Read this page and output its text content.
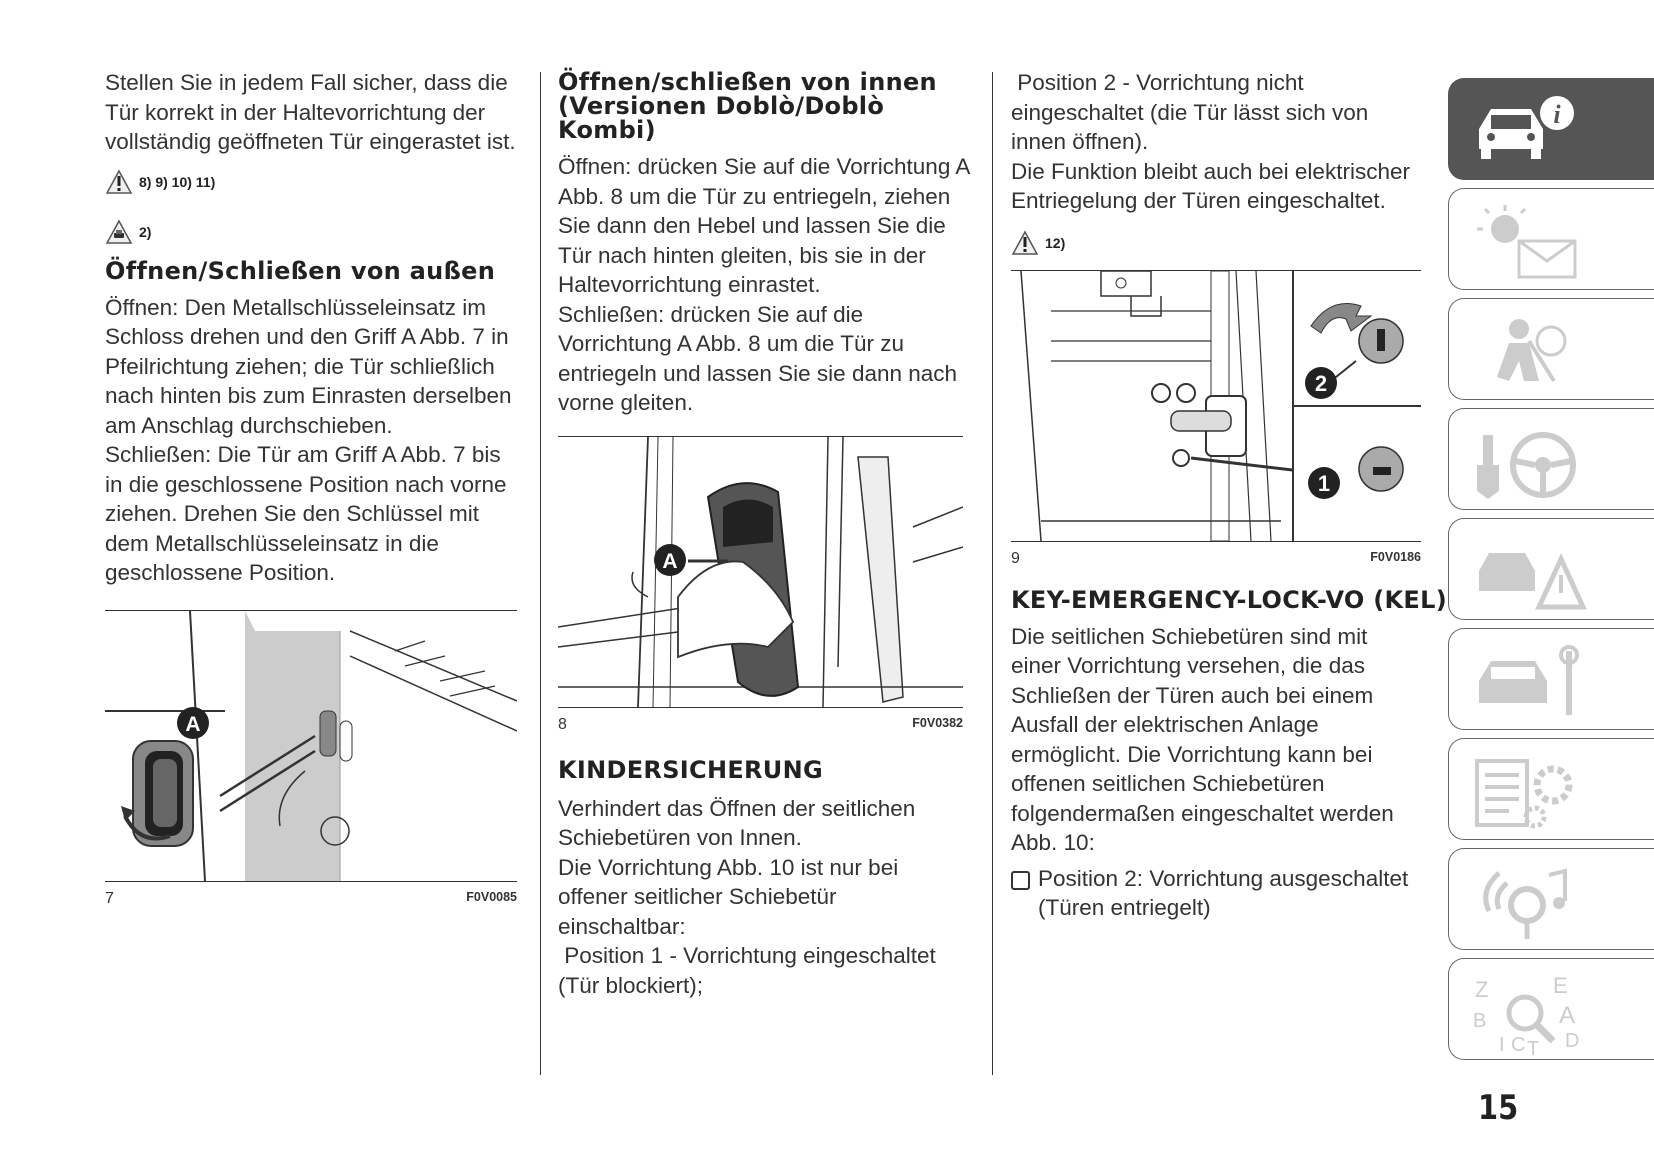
Stellen Sie in jedem Fall sicher, dass die Tür korrekt in der Haltevorrichtung der vollständig geöffneten Tür eingerastet ist.

8) 9) 10) 11)
2)
Öffnen/Schließen von außen

Öffnen: Den Metallschlüsseleinsatz im Schloss drehen und den Griff A Abb. 7 in Pfeilrichtung ziehen; die Tür schließlich nach hinten bis zum Einrasten derselben am Anschlag durchschieben.

Schließen: Die Tür am Griff A Abb. 7 bis in die geschlossene Position nach vorne ziehen. Drehen Sie den Schlüssel mit dem Metallschlüsseleinsatz in die geschlossene Position.

A
7	F0V0085
Öffnen/schließen von innen (Versionen Doblò/Doblò Kombi)

Öffnen: drücken Sie auf die Vorrichtung A Abb. 8 um die Tür zu entriegeln, ziehen Sie dann den Hebel und lassen Sie die Tür nach hinten gleiten, bis sie in der Haltevorrichtung einrastet.

Schließen: drücken Sie auf die Vorrichtung A Abb. 8 um die Tür zu entriegeln und lassen Sie sie dann nach vorne gleiten.

A
8	F0V0382
KINDERSICHERUNG

Verhindert das Öffnen der seitlichen Schiebetüren von Innen.

Die Vorrichtung Abb. 10 ist nur bei offener seitlicher Schiebetür einschaltbar:

Position 1 - Vorrichtung eingeschaltet (Tür blockiert);

Position 2 - Vorrichtung nicht eingeschaltet (die Tür lässt sich von innen öffnen).

Die Funktion bleibt auch bei elektrischer Entriegelung der Türen eingeschaltet.

12)
2
1
9	F0V0186
KEY-EMERGENCY-LOCK-VO (KEL)

Die seitlichen Schiebetüren sind mit einer Vorrichtung versehen, die das Schließen der Türen auch bei einem Ausfall der elektrischen Anlage ermöglicht. Die Vorrichtung kann bei offenen seitlichen Schiebetüren folgendermaßen eingeschaltet werden Abb. 10:

Position 2: Vorrichtung ausgeschaltet (Türen entriegelt)
i
Z	E
B	A
I C T D
15
